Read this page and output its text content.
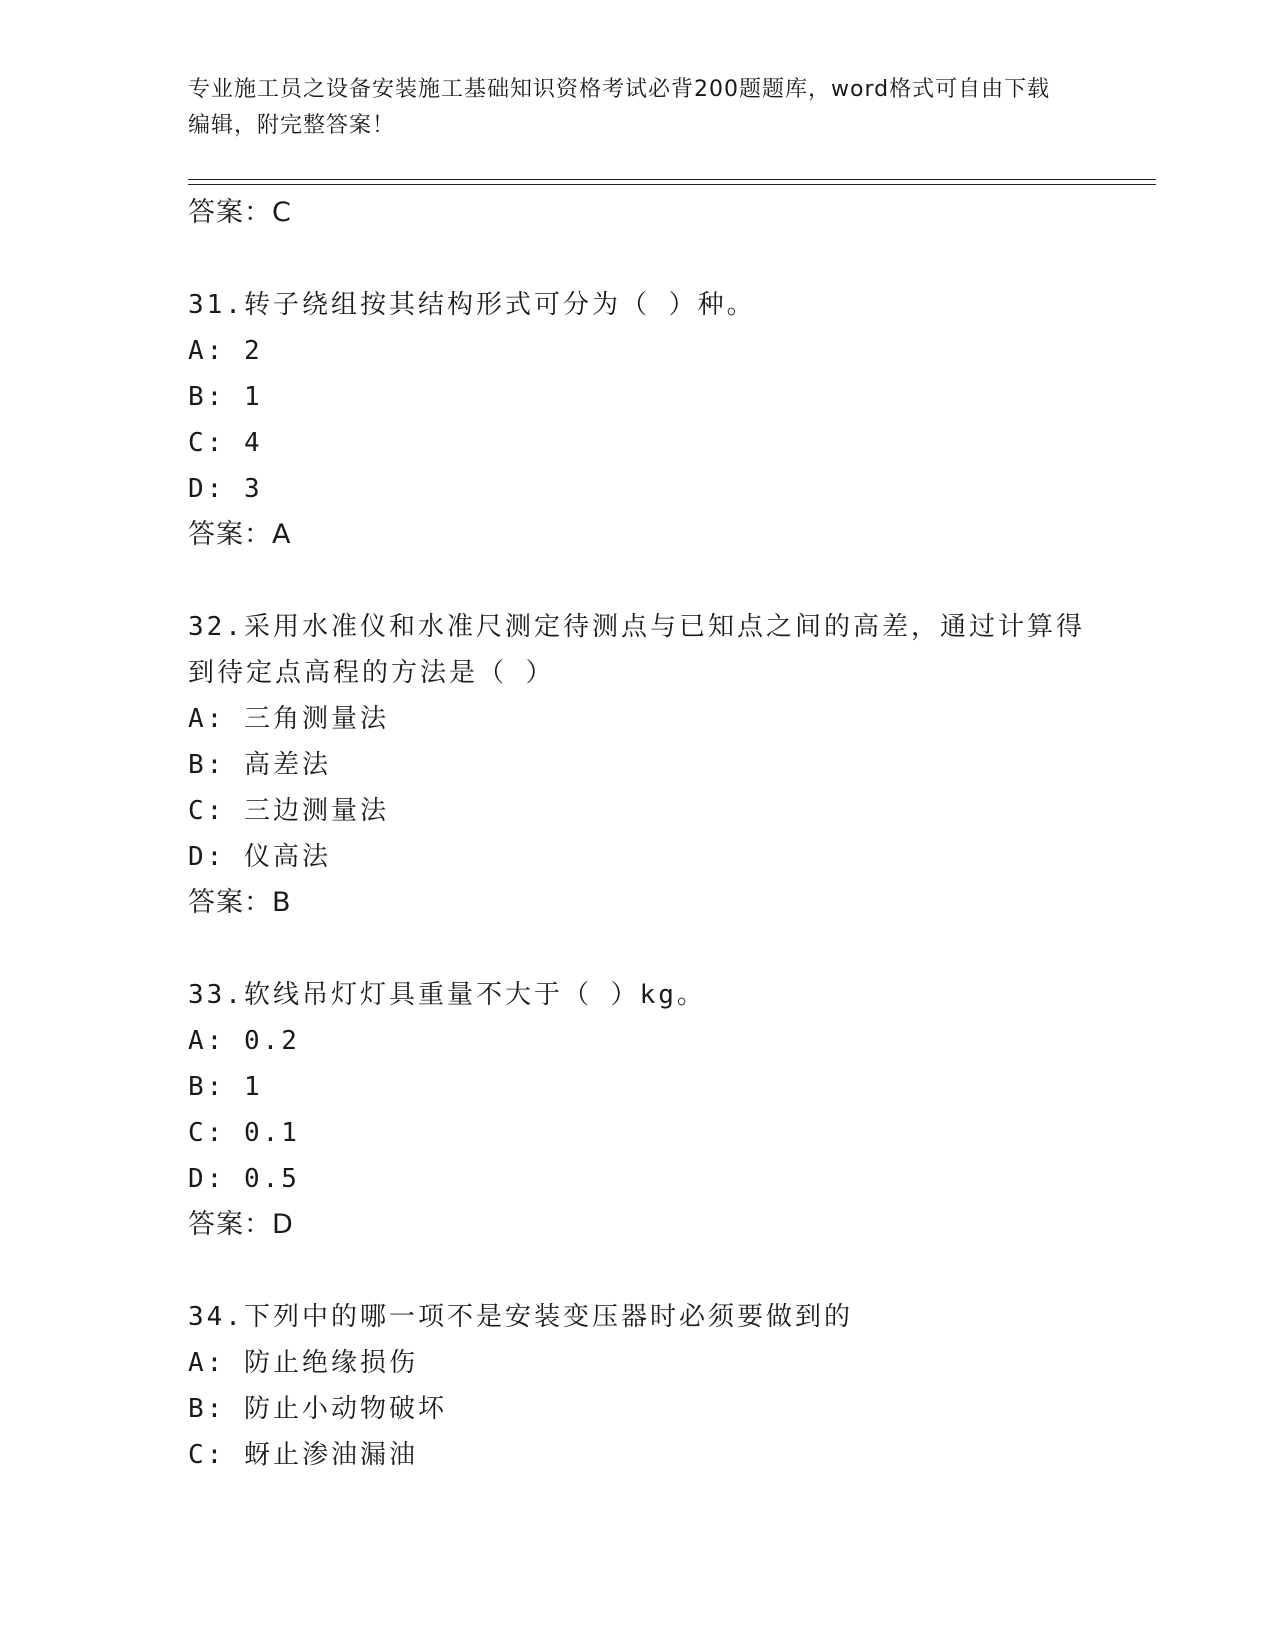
专业施工员之设备安装施工基础知识资格考试必背200题题库，word格式可自由下载编辑，附完整答案！
答案：C
31.转子绕组按其结构形式可分为（ ）种。
A: 2
B: 1
C: 4
D: 3
答案：A
32.采用水准仪和水准尺测定待测点与已知点之间的高差，通过计算得到待定点高程的方法是（ ）
A: 三角测量法
B: 高差法
C: 三边测量法
D: 仪高法
答案：B
33.软线吊灯灯具重量不大于（ ）kg。
A: 0.2
B: 1
C: 0.1
D: 0.5
答案：D
34.下列中的哪一项不是安装变压器时必须要做到的
A: 防止绝缘损伤
B: 防止小动物破坏
C: 蚜止渗油漏油
